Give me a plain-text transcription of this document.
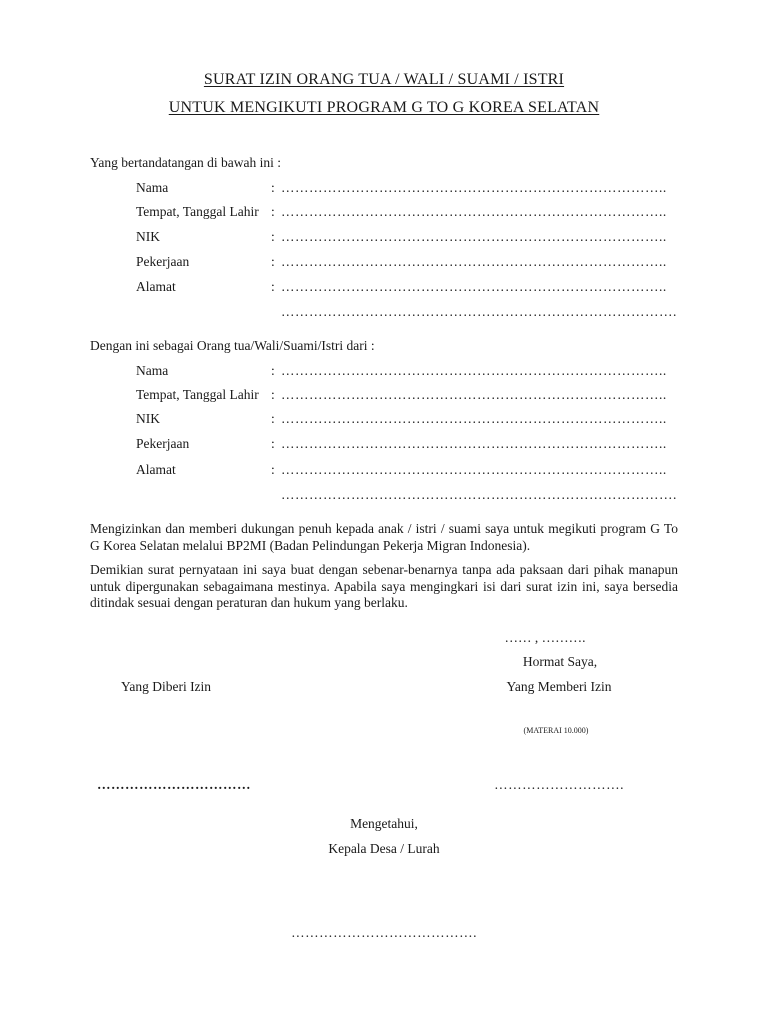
SURAT IZIN ORANG TUA / WALI / SUAMI / ISTRI
UNTUK MENGIKUTI PROGRAM G TO G KOREA SELATAN
Yang bertandatangan di bawah ini :
Nama	: ………………………………………………………………………..
Tempat, Tanggal Lahir : ………………………………………………………………………..
NIK	: ………………………………………………………………………..
Pekerjaan	: ………………………………………………………………………..
Alamat	: ………………………………………………………………………..
………………………………………………………………………….
Dengan ini sebagai Orang tua/Wali/Suami/Istri dari :
Nama	: ………………………………………………………………………..
Tempat, Tanggal Lahir : ………………………………………………………………………..
NIK	: ………………………………………………………………………..
Pekerjaan	: ………………………………………………………………………..
Alamat	: ………………………………………………………………………..
………………………………………………………………………….
Mengizinkan dan memberi dukungan penuh kepada anak / istri / suami saya untuk megikuti program G To G Korea Selatan melalui BP2MI (Badan Pelindungan Pekerja Migran Indonesia).
Demikian surat pernyataan ini saya buat dengan sebenar-benarnya tanpa ada paksaan dari pihak manapun untuk dipergunakan sebagaimana mestinya. Apabila saya mengingkari isi dari surat izin ini, saya bersedia ditindak sesuai dengan peraturan dan hukum yang berlaku.
…… , ……….
Hormat Saya,
Yang Diberi Izin	Yang Memberi Izin
(MATERAI 10.000)
……………………………	……………………….
Mengetahui,
Kepala Desa / Lurah
………………………………….
